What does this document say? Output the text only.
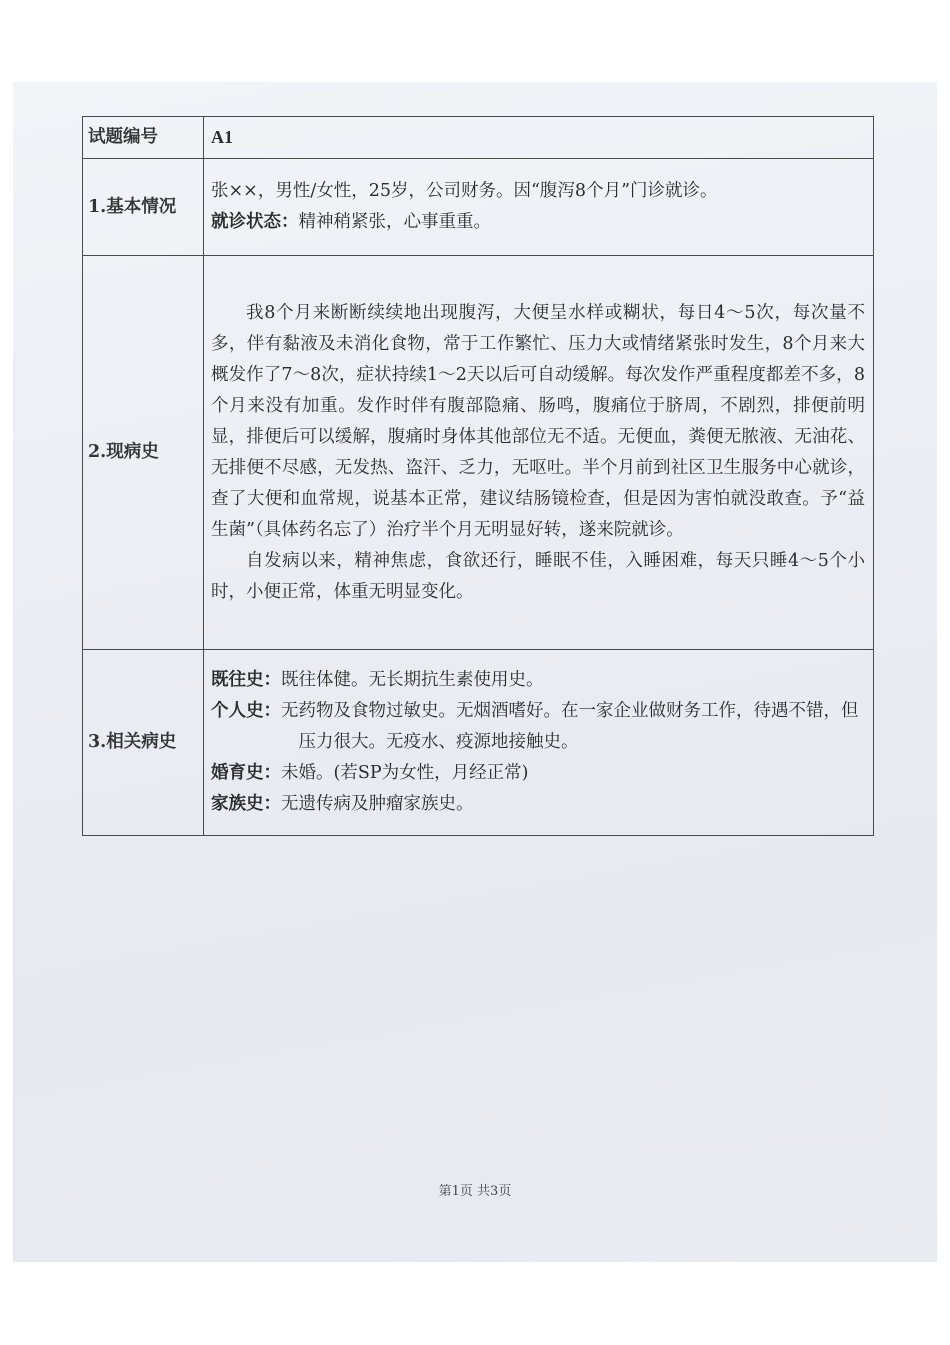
试题编号	A1
1.基本情况	张××，男性/女性，25岁，公司财务。因“腹泻8个月”门诊就诊。

就诊状态：精神稍紧张，心事重重。

2.现病史	我8个月来断断续续地出现腹泻，大便呈水样或糊状，每日4～5次，每次量不多，伴有黏液及未消化食物，常于工作繁忙、压力大或情绪紧张时发生，8个月来大概发作了7～8次，症状持续1～2天以后可自动缓解。每次发作严重程度都差不多，8个月来没有加重。发作时伴有腹部隐痛、肠鸣，腹痛位于脐周，不剧烈，排便前明显，排便后可以缓解，腹痛时身体其他部位无不适。无便血，粪便无脓液、无油花、无排便不尽感，无发热、盗汗、乏力，无呕吐。半个月前到社区卫生服务中心就诊，查了大便和血常规，说基本正常，建议结肠镜检查，但是因为害怕就没敢查。予“益生菌”（具体药名忘了）治疗半个月无明显好转，遂来院就诊。

自发病以来，精神焦虑，食欲还行，睡眠不佳，入睡困难，每天只睡4～5个小时，小便正常，体重无明显变化。

3.相关病史	既往史：既往体健。无长期抗生素使用史。

个人史：无药物及食物过敏史。无烟酒嗜好。在一家企业做财务工作，待遇不错，但压力很大。无疫水、疫源地接触史。

婚育史：未婚。(若SP为女性，月经正常)

家族史：无遗传病及肿瘤家族史。

第1页 共3页
